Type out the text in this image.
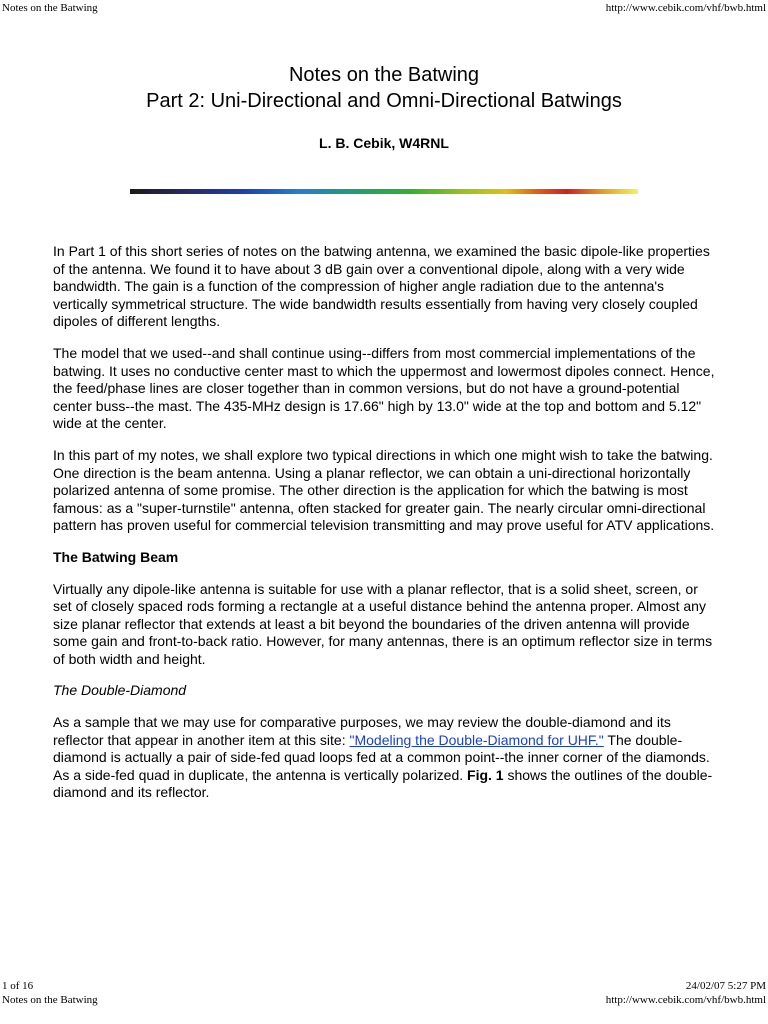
Notes on the Batwing	http://www.cebik.com/vhf/bwb.html
Notes on the Batwing
Part 2: Uni-Directional and Omni-Directional Batwings
L. B. Cebik, W4RNL

In Part 1 of this short series of notes on the batwing antenna, we examined the basic dipole-like properties of the antenna. We found it to have about 3 dB gain over a conventional dipole, along with a very wide bandwidth. The gain is a function of the compression of higher angle radiation due to the antenna's vertically symmetrical structure. The wide bandwidth results essentially from having very closely coupled dipoles of different lengths.

The model that we used--and shall continue using--differs from most commercial implementations of the batwing. It uses no conductive center mast to which the uppermost and lowermost dipoles connect. Hence, the feed/phase lines are closer together than in common versions, but do not have a ground-potential center buss--the mast. The 435-MHz design is 17.66" high by 13.0" wide at the top and bottom and 5.12" wide at the center.

In this part of my notes, we shall explore two typical directions in which one might wish to take the batwing. One direction is the beam antenna. Using a planar reflector, we can obtain a uni-directional horizontally polarized antenna of some promise. The other direction is the application for which the batwing is most famous: as a "super-turnstile" antenna, often stacked for greater gain. The nearly circular omni-directional pattern has proven useful for commercial television transmitting and may prove useful for ATV applications.

The Batwing Beam

Virtually any dipole-like antenna is suitable for use with a planar reflector, that is a solid sheet, screen, or set of closely spaced rods forming a rectangle at a useful distance behind the antenna proper. Almost any size planar reflector that extends at least a bit beyond the boundaries of the driven antenna will provide some gain and front-to-back ratio. However, for many antennas, there is an optimum reflector size in terms of both width and height.

The Double-Diamond

As a sample that we may use for comparative purposes, we may review the double-diamond and its reflector that appear in another item at this site: "Modeling the Double-Diamond for UHF." The double-diamond is actually a pair of side-fed quad loops fed at a common point--the inner corner of the diamonds. As a side-fed quad in duplicate, the antenna is vertically polarized. Fig. 1 shows the outlines of the double-diamond and its reflector.

1 of 16	24/02/07 5:27 PM
Notes on the Batwing	http://www.cebik.com/vhf/bwb.html
